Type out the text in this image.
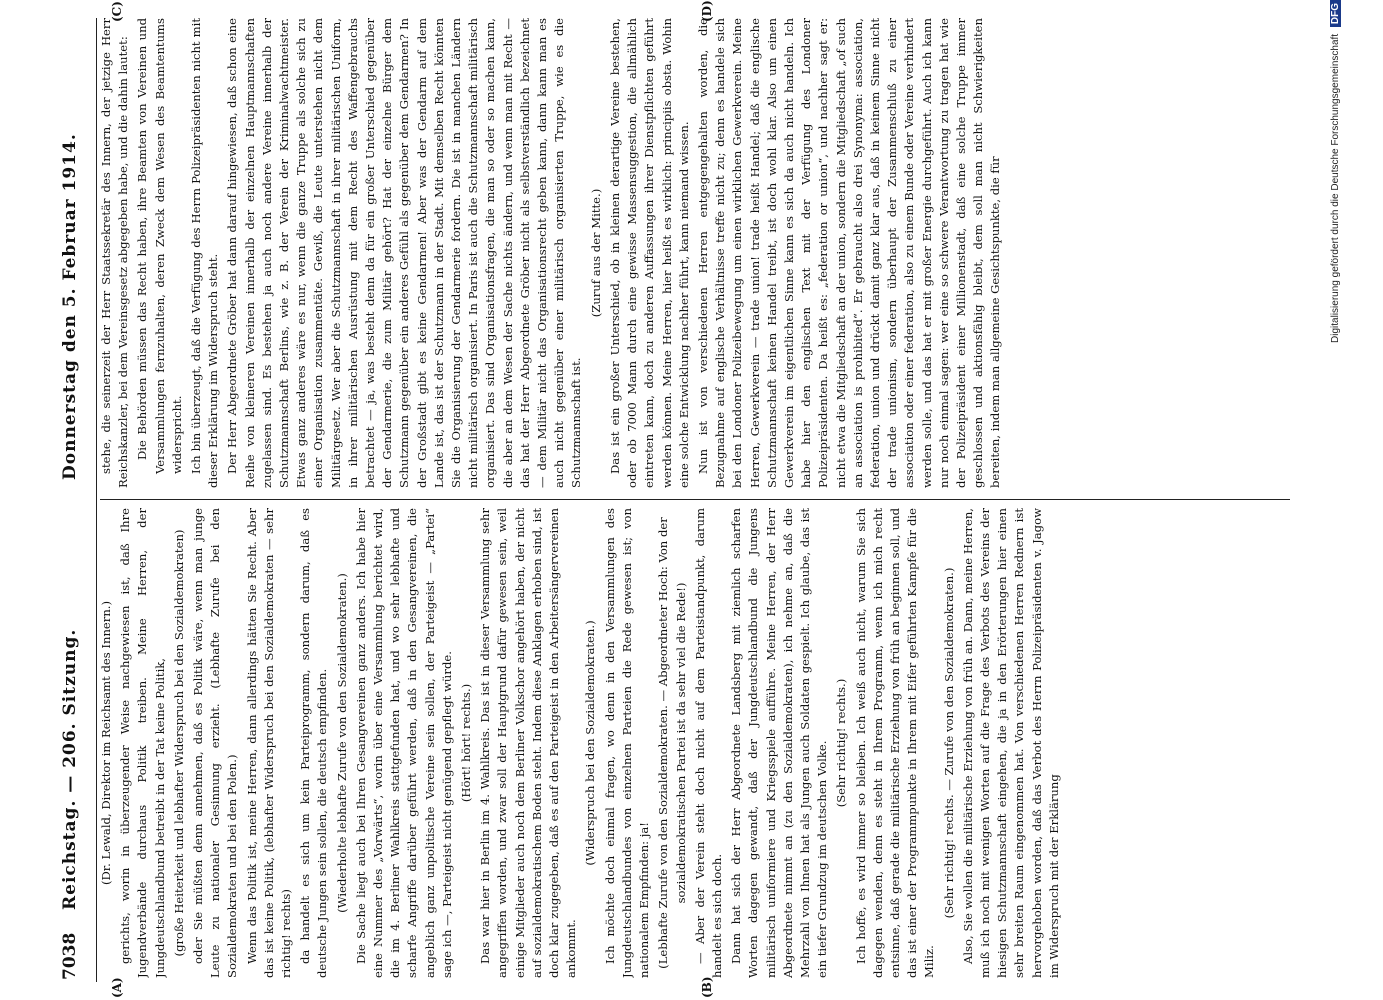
7038
Reichstag. — 206. Sitzung.
Donnerstag den 5. Februar 1914.
(A)	(B)
(C)	(D)

(Dr. Lewald, Direktor im Reichsamt des Innern.) gerichts, worin in überzeugender Weise nachgewiesen ist, daß Ihre Jugendverbände durchaus Politik treiben. Meine Herren, der Jungdeutschlandbund betreibt in der Tat keine Politik, (große Heiterkeit und lebhafter Widerspruch bei den Sozialdemokraten) oder Sie müßten denn annehmen, daß es Politik wäre, wenn man junge Leute zu nationaler Gesinnung erzieht. (Lebhafte Zurufe bei den Sozialdemokraten und bei den Polen.) Wenn das Politik ist, meine Herren, dann allerdings hätten Sie Recht. Aber das ist keine Politik, (lebhafter Widerspruch bei den Sozialdemokraten — sehr richtig! rechts) da handelt es sich um kein Parteiprogramm, sondern darum, daß es deutsche Jungen sein sollen, die deutsch empfinden. (Wiederholte lebhafte Zurufe von den Sozialdemokraten.) Die Sache liegt auch bei Ihren Gesangvereinen ganz anders. Ich habe hier eine Nummer des „Vorwärts“, worin über eine Versammlung berichtet wird, die im 4. Berliner Wahlkreis stattgefunden hat, und wo sehr lebhafte und scharfe Angriffe darüber geführt werden, daß in den Gesangvereinen, die angeblich ganz unpolitische Vereine sein sollen, der Parteigeist — „Partei“ sage ich —, Parteigeist nicht genügend gepflegt würde. (Hört! hört! rechts.) Das war hier in Berlin im 4. Wahlkreis. Das ist in dieser Versammlung sehr angegriffen worden, und zwar soll der Hauptgrund dafür gewesen sein, weil einige Mitglieder auch noch dem Berliner Volkschor angehört haben, der nicht auf sozialdemokratischem Boden steht. Indem diese Anklagen erhoben sind, ist doch klar zugegeben, daß es auf den Parteigeist in den Arbeitersängervereinen ankommt.

(Widerspruch bei den Sozialdemokraten.) Ich möchte doch einmal fragen, wo denn in den Versammlungen des Jungdeutschlandbundes von einzelnen Parteien die Rede gewesen ist; von nationalem Empfinden: ja! (Lebhafte Zurufe von den Sozialdemokraten. — Abgeordneter Hoch: Von der sozialdemokratischen Partei ist da sehr viel die Rede!) — Aber der Verein steht doch nicht auf dem Parteistandpunkt, darum handelt es sich doch. Dann hat sich der Herr Abgeordnete Landsberg mit ziemlich scharfen Worten dagegen gewandt, daß der Jungdeutschlandbund die Jungens militärisch uniformiere und Kriegsspiele aufführe. Meine Herren, der Herr Abgeordnete nimmt an (zu den Sozialdemokraten), ich nehme an, daß die Mehrzahl von Ihnen hat als Jungen auch Soldaten gespielt. Ich glaube, das ist ein tiefer Grundzug im deutschen Volke. (Sehr richtig! rechts.) Ich hoffe, es wird immer so bleiben. Ich weiß auch nicht, warum Sie sich dagegen wenden, denn es steht in Ihrem Programm, wenn ich mich recht entsinne, daß gerade die militärische Erziehung von früh an beginnen soll, und das ist einer der Programmpunkte in Ihrem mit Eifer geführten Kampfe für die Miliz.

(Sehr richtig! rechts. — Zurufe von den Sozialdemokraten.) Also, Sie wollen die militärische Erziehung von früh an. Dann, meine Herren, muß ich noch mit wenigen Worten auf die Frage des Verbots des Vereins der hiesigen Schutzmannschaft eingehen, die ja in den Erörterungen hier einen sehr breiten Raum eingenommen hat. Von verschiedenen Herren Rednern ist hervorgehoben worden, daß das Verbot des Herrn Polizeipräsidenten v. Jagow im Widerspruch mit der Erklärung

stehe, die seinerzeit der Herr Staatssekretär des Innern, der jetzige Herr Reichskanzler, bei dem Vereinsgesetz abgegeben habe, und die dahin lautet: Die Behörden müssen das Recht haben, ihre Beamten von Vereinen und Versammlungen fernzuhalten, deren Zweck dem Wesen des Beamtentums widerspricht. Ich bin überzeugt, daß die Verfügung des Herrn Polizeipräsidenten nicht mit dieser Erklärung im Widerspruch steht. Der Herr Abgeordnete Gröber hat dann darauf hingewiesen, daß schon eine Reihe von kleineren Vereinen innerhalb der einzelnen Hauptmannschaften zugelassen sind. Es bestehen ja auch noch andere Vereine innerhalb der Schutzmannschaft Berlins, wie z. B. der Verein der Kriminalwachtmeister. Etwas ganz anderes wäre es nur, wenn die ganze Truppe als solche sich zu einer Organisation zusammentäte. Gewiß, die Leute unterstehen nicht dem Militärgesetz. Wer aber die Schutzmannschaft in ihrer militärischen Uniform, in ihrer militärischen Ausrüstung mit dem Recht des Waffengebrauchs betrachtet — ja, was besteht denn da für ein großer Unterschied gegenüber der Gendarmerie, die zum Militär gehört? Hat der einzelne Bürger dem Schutzmann gegenüber ein anderes Gefühl als gegenüber dem Gendarmen? In der Großstadt gibt es keine Gendarmen! Aber was der Gendarm auf dem Lande ist, das ist der Schutzmann in der Stadt. Mit demselben Recht könnten Sie die Organisierung der Gendarmerie fordern. Die ist in manchen Ländern nicht militärisch organisiert. In Paris ist auch die Schutzmannschaft militärisch organisiert. Das sind Organisationsfragen, die man so oder so machen kann, die aber an dem Wesen der Sache nichts ändern, und wenn man mit Recht — das hat der Herr Abgeordnete Gröber nicht als selbstverständlich bezeichnet — dem Militär nicht das Organisationsrecht geben kann, dann kann man es auch nicht gegenüber einer militärisch organisierten Truppe, wie es die Schutzmannschaft ist.

(Zuruf aus der Mitte.) Das ist ein großer Unterschied, ob in kleinen derartige Vereine bestehen, oder ob 7000 Mann durch eine gewisse Massensuggestion, die allmählich eintreten kann, doch zu anderen Auffassungen ihrer Dienstpflichten geführt werden können. Meine Herren, hier heißt es wirklich: principiis obsta. Wohin eine solche Entwicklung nachher führt, kann niemand wissen. Nun ist von verschiedenen Herren entgegengehalten worden, die Bezugnahme auf englische Verhältnisse treffe nicht zu; denn es handele sich bei den Londoner Polizeibewegung um einen wirklichen Gewerkverein. Meine Herren, Gewerkverein — trade union! trade heißt Handel; daß die englische Schutzmannschaft keinen Handel treibt, ist doch wohl klar. Also um einen Gewerkverein im eigentlichen Sinne kann es sich da auch nicht handeln. Ich habe hier den englischen Text mit der Verfügung des Londoner Polizeipräsidenten. Da heißt es: „federation or union“, und nachher sagt er: nicht etwa die Mitgliedschaft an der union, sondern die Mitgliedschaft „of such an association is prohibited“. Er gebraucht also drei Synonyma: association, federation, union und drückt damit ganz klar aus, daß in keinem Sinne nicht der trade unionism, sondern überhaupt der Zusammenschluß zu einer association oder einer federation, also zu einem Bunde oder Vereine verhindert werden solle, und das hat er mit großer Energie durchgeführt. Auch ich kann nur noch einmal sagen: wer eine so schwere Verantwortung zu tragen hat wie der Polizeipräsident einer Millionenstadt, daß eine solche Truppe immer geschlossen und aktionsfähig bleibt, dem soll man nicht Schwierigkeiten bereiten, indem man allgemeine Gesichtspunkte, die für	Digitalisierung gefördert durch die Deutsche Forschungsgemeinschaft DFG
